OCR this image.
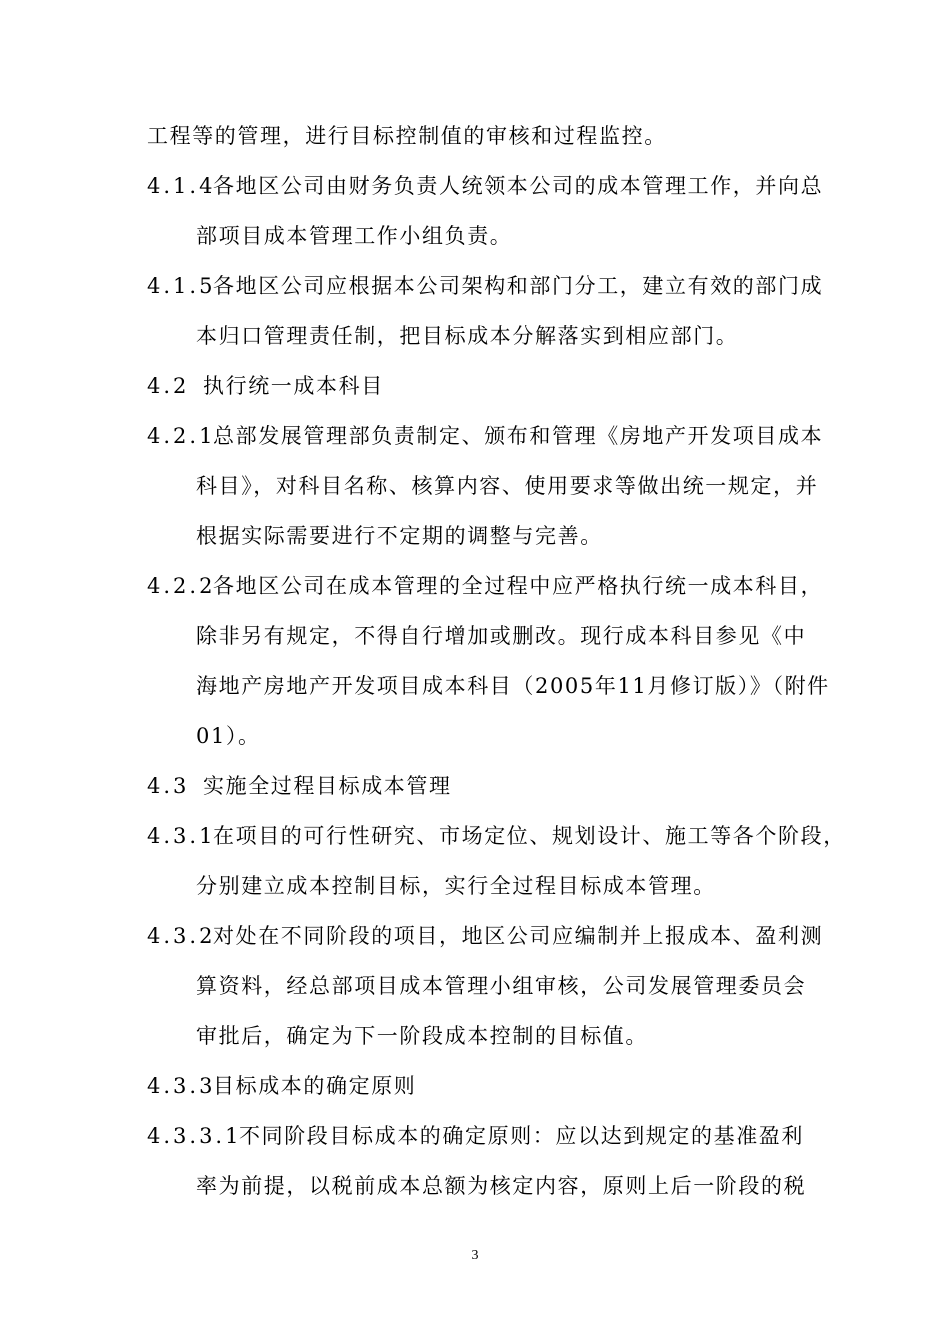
工程等的管理，进行目标控制值的审核和过程监控。
4.1.4各地区公司由财务负责人统领本公司的成本管理工作，并向总
部项目成本管理工作小组负责。
4.1.5各地区公司应根据本公司架构和部门分工，建立有效的部门成
本归口管理责任制，把目标成本分解落实到相应部门。
4.2 执行统一成本科目
4.2.1总部发展管理部负责制定、颁布和管理《房地产开发项目成本
科目》，对科目名称、核算内容、使用要求等做出统一规定，并
根据实际需要进行不定期的调整与完善。
4.2.2各地区公司在成本管理的全过程中应严格执行统一成本科目，
除非另有规定，不得自行增加或删改。现行成本科目参见《中
海地产房地产开发项目成本科目（2005年11月修订版）》（附件
01）。
4.3 实施全过程目标成本管理
4.3.1在项目的可行性研究、市场定位、规划设计、施工等各个阶段，
分别建立成本控制目标，实行全过程目标成本管理。
4.3.2对处在不同阶段的项目，地区公司应编制并上报成本、盈利测
算资料，经总部项目成本管理小组审核，公司发展管理委员会
审批后，确定为下一阶段成本控制的目标值。
4.3.3目标成本的确定原则
4.3.3.1不同阶段目标成本的确定原则：应以达到规定的基准盈利
率为前提，以税前成本总额为核定内容，原则上后一阶段的税
3
